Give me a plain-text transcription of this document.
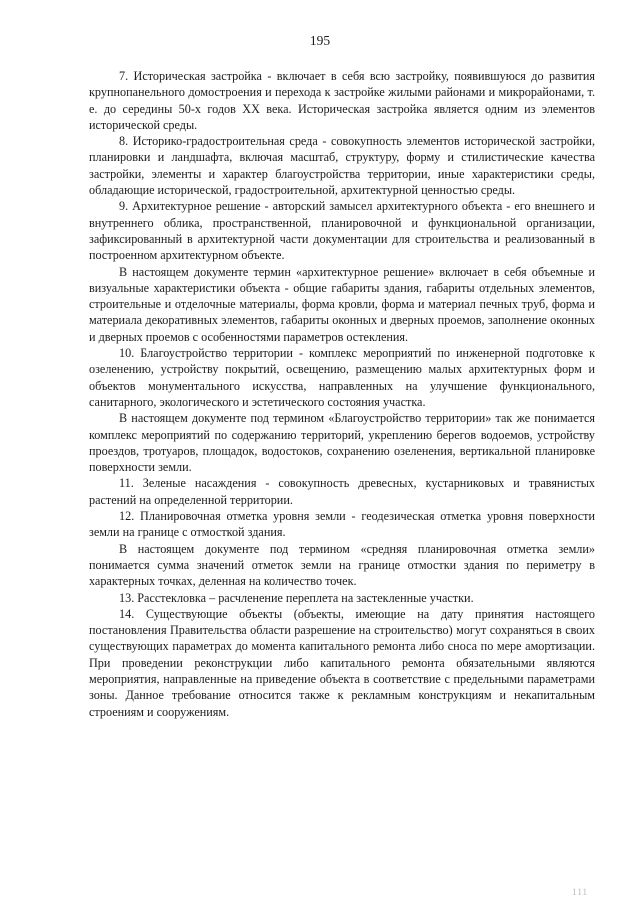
195

7. Историческая застройка - включает в себя всю застройку, появившуюся до развития крупнопанельного домостроения и перехода к застройке жилыми районами и микрорайонами, т. е. до середины 50-х годов XX века. Историческая застройка является одним из элементов исторической среды.

8. Историко-градостроительная среда - совокупность элементов исторической застройки, планировки и ландшафта, включая масштаб, структуру, форму и стилистические качества застройки, элементы и характер благоустройства территории, иные характеристики среды, обладающие исторической, градостроительной, архитектурной ценностью среды.

9. Архитектурное решение - авторский замысел архитектурного объекта - его внешнего и внутреннего облика, пространственной, планировочной и функциональной организации, зафиксированный в архитектурной части документации для строительства и реализованный в построенном архитектурном объекте.

В настоящем документе термин «архитектурное решение» включает в себя объемные и визуальные характеристики объекта - общие габариты здания, габариты отдельных элементов, строительные и отделочные материалы, форма кровли, форма и материал печных труб, форма и материала декоративных элементов, габариты оконных и дверных проемов, заполнение оконных и дверных проемов с особенностями параметров остекления.

10. Благоустройство территории - комплекс мероприятий по инженерной подготовке к озеленению, устройству покрытий, освещению, размещению малых архитектурных форм и объектов монументального искусства, направленных на улучшение функционального, санитарного, экологического и эстетического состояния участка.

В настоящем документе под термином «Благоустройство территории» так же понимается комплекс мероприятий по содержанию территорий, укреплению берегов водоемов, устройству проездов, тротуаров, площадок, водостоков, сохранению озеленения, вертикальной планировке поверхности земли.

11. Зеленые насаждения - совокупность древесных, кустарниковых и травянистых растений на определенной территории.

12. Планировочная отметка уровня земли - геодезическая отметка уровня поверхности земли на границе с отмосткой здания.

В настоящем документе под термином «средняя планировочная отметка земли» понимается сумма значений отметок земли на границе отмостки здания по периметру в характерных точках, деленная на количество точек.

13. Расстекловка – расчленение переплета на застекленные участки.

14. Существующие объекты (объекты, имеющие на дату принятия настоящего постановления Правительства области разрешение на строительство) могут сохраняться в своих существующих параметрах до момента капитального ремонта либо сноса по мере амортизации. При проведении реконструкции либо капитального ремонта обязательными являются мероприятия, направленные на приведение объекта в соответствие с предельными параметрами зоны. Данное требование относится также к рекламным конструкциям и некапитальным строениям и сооружениям.

111
